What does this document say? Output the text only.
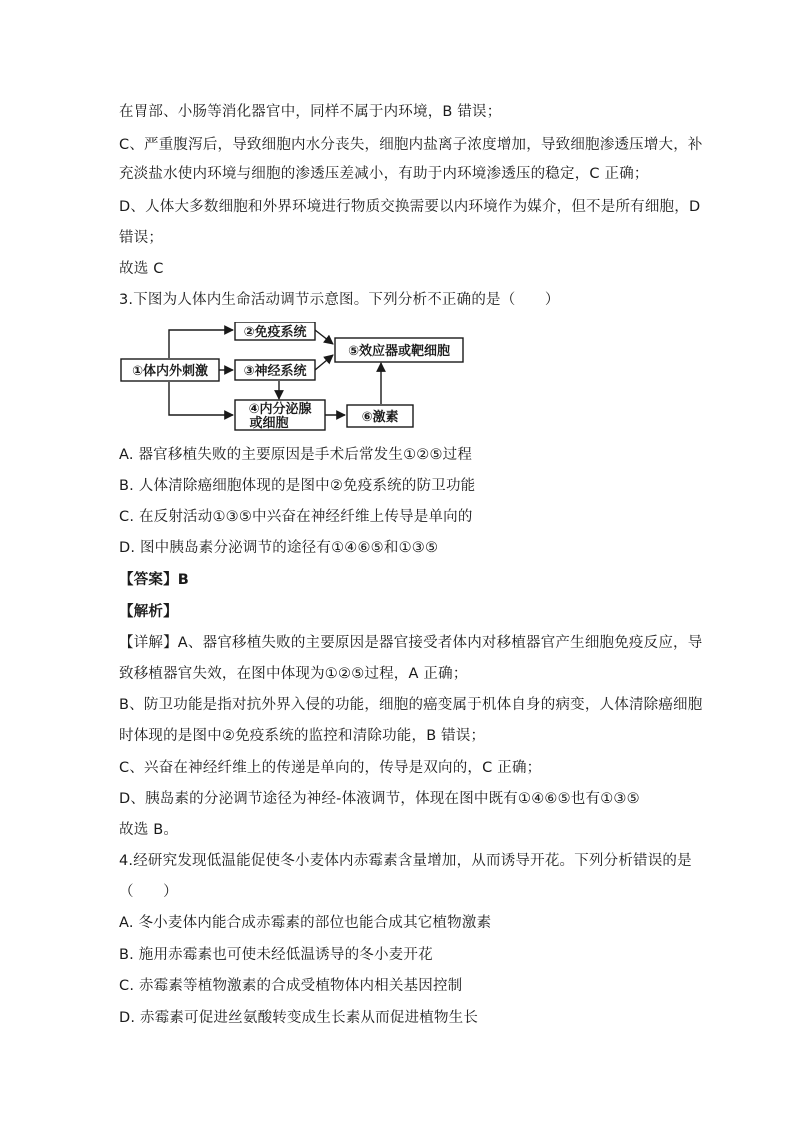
在胃部、小肠等消化器官中，同样不属于内环境，B 错误；
C、严重腹泻后，导致细胞内水分丧失，细胞内盐离子浓度增加，导致细胞渗透压增大，补
充淡盐水使内环境与细胞的渗透压差减小，有助于内环境渗透压的稳定，C 正确；
D、人体大多数细胞和外界环境进行物质交换需要以内环境作为媒介，但不是所有细胞，D
错误；
故选 C
3.下图为人体内生命活动调节示意图。下列分析不正确的是（　　）
①体内外刺激
②免疫系统
③神经系统
④内分泌腺
或细胞
⑤效应器或靶细胞
⑥激素
A. 器官移植失败的主要原因是手术后常发生①②⑤过程
B. 人体清除癌细胞体现的是图中②免疫系统的防卫功能
C. 在反射活动①③⑤中兴奋在神经纤维上传导是单向的
D. 图中胰岛素分泌调节的途径有①④⑥⑤和①③⑤
【答案】B
【解析】
【详解】A、器官移植失败的主要原因是器官接受者体内对移植器官产生细胞免疫反应，导
致移植器官失效，在图中体现为①②⑤过程，A 正确；
B、防卫功能是指对抗外界入侵的功能，细胞的癌变属于机体自身的病变，人体清除癌细胞
时体现的是图中②免疫系统的监控和清除功能，B 错误；
C、兴奋在神经纤维上的传递是单向的，传导是双向的，C 正确；
D、胰岛素的分泌调节途径为神经-体液调节，体现在图中既有①④⑥⑤也有①③⑤
故选 B。
4.经研究发现低温能促使冬小麦体内赤霉素含量增加，从而诱导开花。下列分析错误的是
（　　）
A. 冬小麦体内能合成赤霉素的部位也能合成其它植物激素
B. 施用赤霉素也可使未经低温诱导的冬小麦开花
C. 赤霉素等植物激素的合成受植物体内相关基因控制
D. 赤霉素可促进丝氨酸转变成生长素从而促进植物生长
